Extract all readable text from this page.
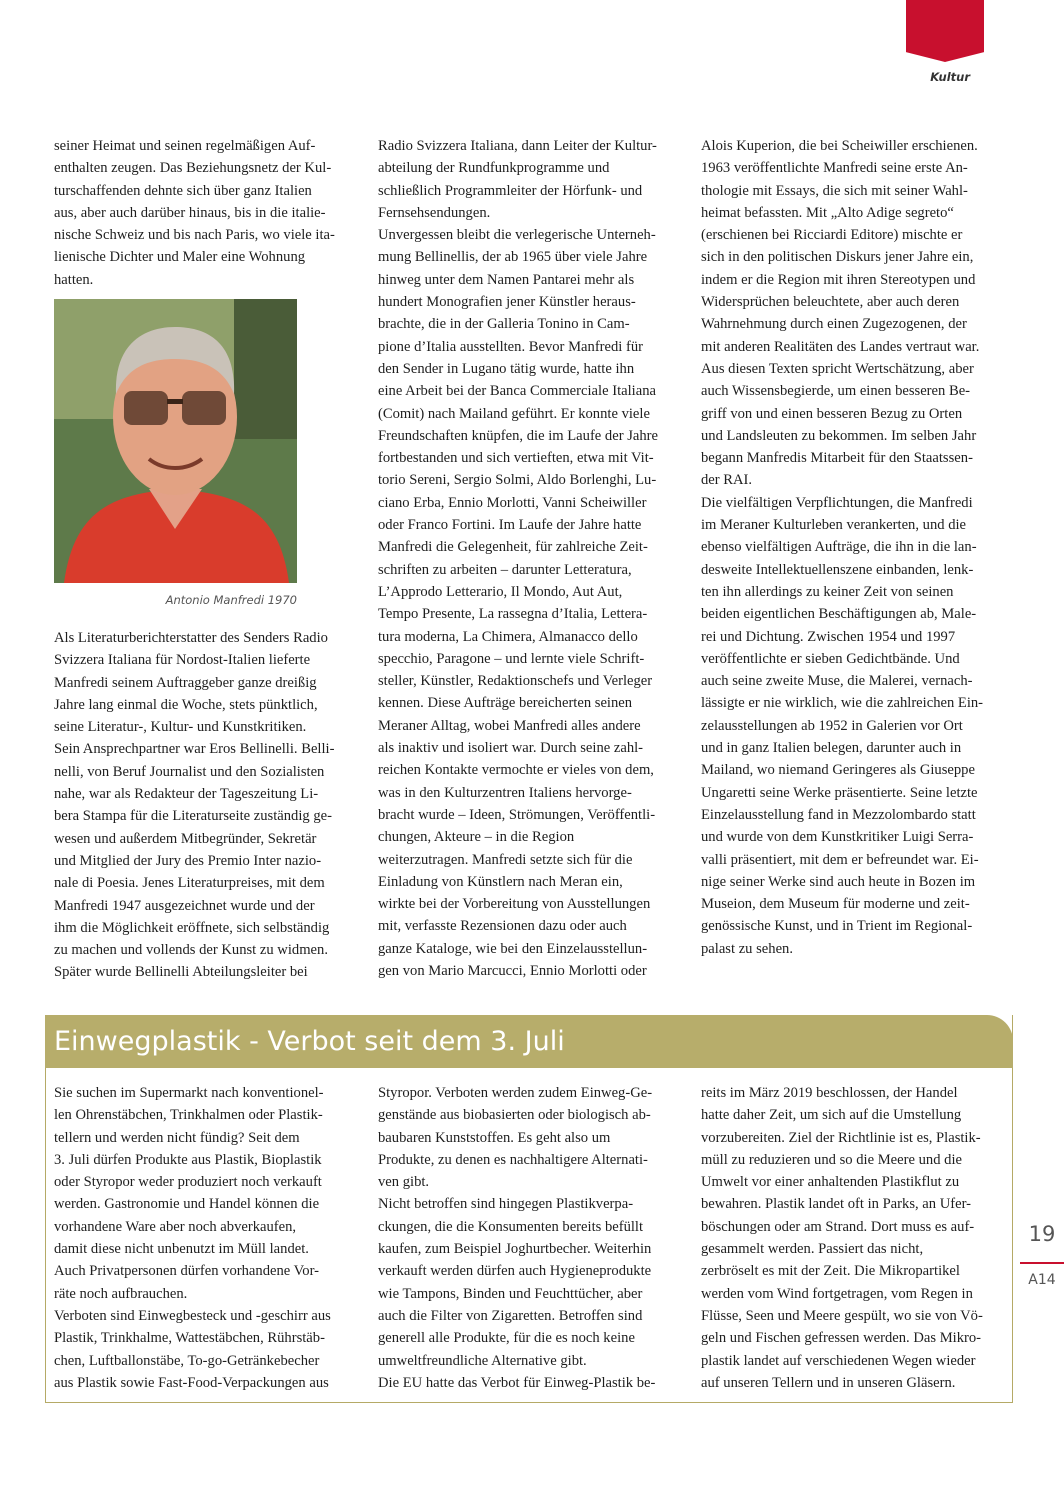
Kultur

seiner Heimat und seinen regelmäßigen Auf-
enthalten zeugen. Das Beziehungsnetz der Kul-
turschaffenden dehnte sich über ganz Italien
aus, aber auch darüber hinaus, bis in die italie-
nische Schweiz und bis nach Paris, wo viele ita-
lienische Dichter und Maler eine Wohnung
hatten.

Antonio Manfredi 1970

Als Literaturberichterstatter des Senders Radio
Svizzera Italiana für Nordost-Italien lieferte
Manfredi seinem Auftraggeber ganze dreißig
Jahre lang einmal die Woche, stets pünktlich,
seine Literatur-, Kultur- und Kunstkritiken.
Sein Ansprechpartner war Eros Bellinelli. Belli-
nelli, von Beruf Journalist und den Sozialisten
nahe, war als Redakteur der Tageszeitung Li-
bera Stampa für die Literaturseite zuständig ge-
wesen und außerdem Mitbegründer, Sekretär
und Mitglied der Jury des Premio Inter nazio-
nale di Poesia. Jenes Literaturpreises, mit dem
Manfredi 1947 ausgezeichnet wurde und der
ihm die Möglichkeit eröffnete, sich selbständig
zu machen und vollends der Kunst zu widmen.
Später wurde Bellinelli Abteilungsleiter bei

Radio Svizzera Italiana, dann Leiter der Kultur-
abteilung der Rundfunkprogramme und
schließlich Programmleiter der Hörfunk- und
Fernsehsendungen.
Unvergessen bleibt die verlegerische Unterneh-
mung Bellinellis, der ab 1965 über viele Jahre
hinweg unter dem Namen Pantarei mehr als
hundert Monografien jener Künstler heraus-
brachte, die in der Galleria Tonino in Cam-
pione d’Italia ausstellten. Bevor Manfredi für
den Sender in Lugano tätig wurde, hatte ihn
eine Arbeit bei der Banca Commerciale Italiana
(Comit) nach Mailand geführt. Er konnte viele
Freundschaften knüpfen, die im Laufe der Jahre
fortbestanden und sich vertieften, etwa mit Vit-
torio Sereni, Sergio Solmi, Aldo Borlenghi, Lu-
ciano Erba, Ennio Morlotti, Vanni Scheiwiller
oder Franco Fortini. Im Laufe der Jahre hatte
Manfredi die Gelegenheit, für zahlreiche Zeit-
schriften zu arbeiten – darunter Letteratura,
L’Approdo Letterario, Il Mondo, Aut Aut,
Tempo Presente, La rassegna d’Italia, Lettera-
tura moderna, La Chimera, Almanacco dello
specchio, Paragone – und lernte viele Schrift-
steller, Künstler, Redaktionschefs und Verleger
kennen. Diese Aufträge bereicherten seinen
Meraner Alltag, wobei Manfredi alles andere
als inaktiv und isoliert war. Durch seine zahl-
reichen Kontakte vermochte er vieles von dem,
was in den Kulturzentren Italiens hervorge-
bracht wurde – Ideen, Strömungen, Veröffentli-
chungen, Akteure – in die Region
weiterzutragen. Manfredi setzte sich für die
Einladung von Künstlern nach Meran ein,
wirkte bei der Vorbereitung von Ausstellungen
mit, verfasste Rezensionen dazu oder auch
ganze Kataloge, wie bei den Einzelausstellun-
gen von Mario Marcucci, Ennio Morlotti oder

Alois Kuperion, die bei Scheiwiller erschienen.
1963 veröffentlichte Manfredi seine erste An-
thologie mit Essays, die sich mit seiner Wahl-
heimat befassten. Mit „Alto Adige segreto“
(erschienen bei Ricciardi Editore) mischte er
sich in den politischen Diskurs jener Jahre ein,
indem er die Region mit ihren Stereotypen und
Widersprüchen beleuchtete, aber auch deren
Wahrnehmung durch einen Zugezogenen, der
mit anderen Realitäten des Landes vertraut war.
Aus diesen Texten spricht Wertschätzung, aber
auch Wissensbegierde, um einen besseren Be-
griff von und einen besseren Bezug zu Orten
und Landsleuten zu bekommen. Im selben Jahr
begann Manfredis Mitarbeit für den Staatssen-
der RAI.
Die vielfältigen Verpflichtungen, die Manfredi
im Meraner Kulturleben verankerten, und die
ebenso vielfältigen Aufträge, die ihn in die lan-
desweite Intellektuellenszene einbanden, lenk-
ten ihn allerdings zu keiner Zeit von seinen
beiden eigentlichen Beschäftigungen ab, Male-
rei und Dichtung. Zwischen 1954 und 1997
veröffentlichte er sieben Gedichtbände. Und
auch seine zweite Muse, die Malerei, vernach-
lässigte er nie wirklich, wie die zahlreichen Ein-
zelausstellungen ab 1952 in Galerien vor Ort
und in ganz Italien belegen, darunter auch in
Mailand, wo niemand Geringeres als Giuseppe
Ungaretti seine Werke präsentierte. Seine letzte
Einzelausstellung fand in Mezzolombardo statt
und wurde von dem Kunstkritiker Luigi Serra-
valli präsentiert, mit dem er befreundet war. Ei-
nige seiner Werke sind auch heute in Bozen im
Museion, dem Museum für moderne und zeit-
genössische Kunst, und in Trient im Regional-
palast zu sehen.

Einwegplastik - Verbot seit dem 3. Juli

Sie suchen im Supermarkt nach konventionel-
len Ohrenstäbchen, Trinkhalmen oder Plastik-
tellern und werden nicht fündig? Seit dem
3. Juli dürfen Produkte aus Plastik, Bioplastik
oder Styropor weder produziert noch verkauft
werden. Gastronomie und Handel können die
vorhandene Ware aber noch abverkaufen,
damit diese nicht unbenutzt im Müll landet.
Auch Privatpersonen dürfen vorhandene Vor-
räte noch aufbrauchen.
Verboten sind Einwegbesteck und -geschirr aus
Plastik, Trinkhalme, Wattestäbchen, Rührstäb-
chen, Luftballonstäbe, To-go-Getränkebecher
aus Plastik sowie Fast-Food-Verpackungen aus

Styropor. Verboten werden zudem Einweg-Ge-
genstände aus biobasierten oder biologisch ab-
baubaren Kunststoffen. Es geht also um
Produkte, zu denen es nachhaltigere Alternati-
ven gibt.
Nicht betroffen sind hingegen Plastikverpa-
ckungen, die die Konsumenten bereits befüllt
kaufen, zum Beispiel Joghurtbecher. Weiterhin
verkauft werden dürfen auch Hygieneprodukte
wie Tampons, Binden und Feuchttücher, aber
auch die Filter von Zigaretten. Betroffen sind
generell alle Produkte, für die es noch keine
umweltfreundliche Alternative gibt.
Die EU hatte das Verbot für Einweg-Plastik be-

reits im März 2019 beschlossen, der Handel
hatte daher Zeit, um sich auf die Umstellung
vorzubereiten. Ziel der Richtlinie ist es, Plastik-
müll zu reduzieren und so die Meere und die
Umwelt vor einer anhaltenden Plastikflut zu
bewahren. Plastik landet oft in Parks, an Ufer-
böschungen oder am Strand. Dort muss es auf-
gesammelt werden. Passiert das nicht,
zerbröselt es mit der Zeit. Die Mikropartikel
werden vom Wind fortgetragen, vom Regen in
Flüsse, Seen und Meere gespült, wo sie von Vö-
geln und Fischen gefressen werden. Das Mikro-
plastik landet auf verschiedenen Wegen wieder
auf unseren Tellern und in unseren Gläsern.

19
A14
